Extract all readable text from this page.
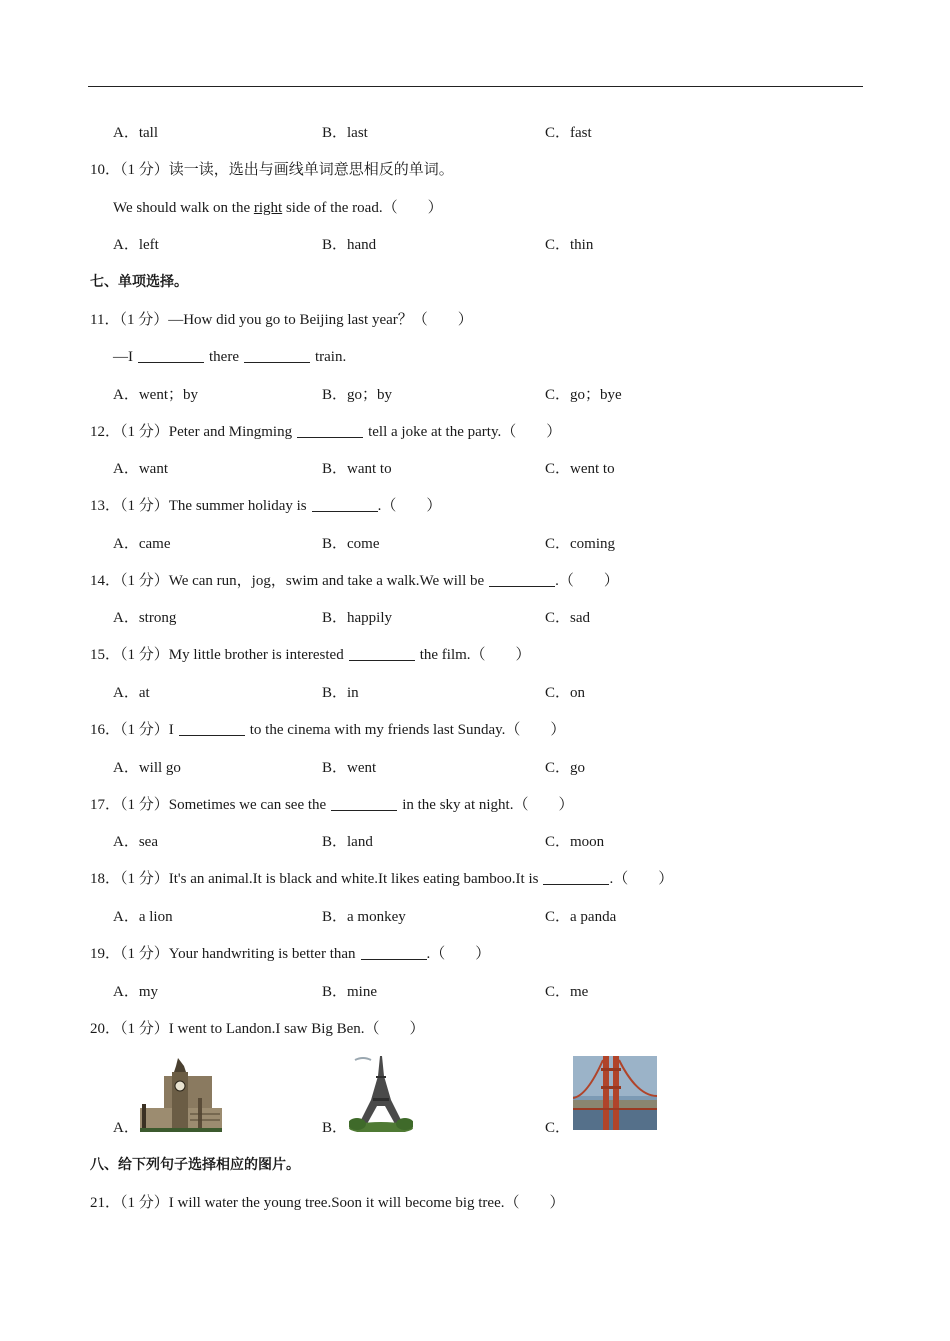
A．tall	B．last	C．fast
10．（1 分）读一读，选出与画线单词意思相反的单词。
We should walk on the right side of the road.（　　）
A．left	B．hand	C．thin
七、单项选择。
11．（1 分）—How did you go to Beijing last year？（　　）
—I	there	train.
A．went；by	B．go；by	C．go；bye
12．（1 分）Peter and Mingming	tell a joke at the party.（　　）
A．want	B．want to	C．went to
13．（1 分）The summer holiday is	.（　　）
A．came	B．come	C．coming
14．（1 分）We can run，jog，swim and take a walk.We will be	.（　　）
A．strong	B．happily	C．sad
15．（1 分）My little brother is interested	the film.（　　）
A．at	B．in	C．on
16．（1 分）I	to the cinema with my friends last Sunday.（　　）
A．will go	B．went	C．go
17．（1 分）Sometimes we can see the	in the sky at night.（　　）
A．sea	B．land	C．moon
18．（1 分）It's an animal.It is black and white.It likes eating bamboo.It is	.（　　）
A．a lion	B．a monkey	C．a panda
19．（1 分）Your handwriting is better than	.（　　）
A．my	B．mine	C．me
20．（1 分）I went to Landon.I saw Big Ben.（　　）
A．	B．	C．
八、给下列句子选择相应的图片。
21．（1 分）I will water the young tree.Soon it will become big tree.（　　）
